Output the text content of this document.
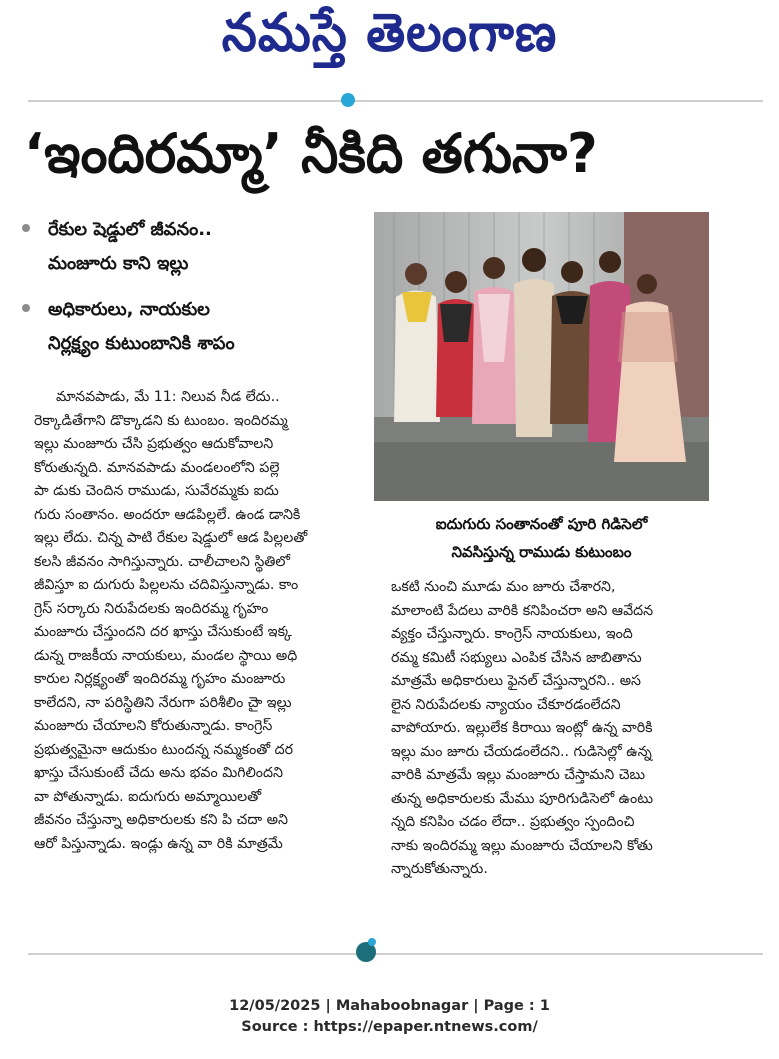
నమస్తే తెలంగాణ
‘ఇందిరమ్మా’ నీకిది తగునా?
రేకుల షెడ్డులో జీవనం..
మంజూరు కాని ఇల్లు
అధికారులు, నాయకుల
నిర్లక్ష్యం కుటుంబానికి శాపం
ఐదుగురు సంతానంతో పూరి గిడిసెలో
నివసిస్తున్న రాముడు కుటుంబం

మానవపాడు, మే 11: నిలువ నీడ లేదు..

రెక్కాడితేగాని డొక్కాడని కు టుంబం. ఇందిరమ్మ

ఇల్లు మంజూరు చేసి ప్రభుత్వం ఆదుకోవాలని

కోరుతున్నది. మానవపాడు మండలంలోని పల్లె

పా డుకు చెందిన రాముడు, సువేరమ్మకు ఐదు

గురు సంతానం. అందరూ ఆడపిల్లలే. ఉండ డానికి

ఇల్లు లేదు. చిన్న పాటి రేకుల షెడ్డులో ఆడ పిల్లలతో

కలసి జీవనం సాగిస్తున్నారు. చాలీచాలని స్థితిలో

జీవిస్తూ ఐ దుగురు పిల్లలను చదివిస్తున్నాడు. కాం

గ్రెస్ సర్కారు నిరుపేదలకు ఇందిరమ్మ గృహం

మంజూరు చేస్తుందని దర ఖాస్తు చేసుకుంటే ఇక్క

డున్న రాజకీయ నాయకులు, మండల స్థాయి అధి

కారుల నిర్లక్ష్యంతో ఇందిరమ్మ గృహం మంజూరు

కాలేదని, నా పరిస్థితిని నేరుగా పరిశీలిం చైా ఇల్లు

మంజూరు చేయాలని కోరుతున్నాడు. కాంగ్రెస్

ప్రభుత్వమైనా ఆదుకుం టుందన్న నమ్మకంతో దర

ఖాస్తు చేసుకుంటే చేదు అను భవం మిగిలిందని

వా పోతున్నాడు. ఐదుగురు అమ్మాయిలతో

జీవనం చేస్తున్నా అధికారులకు కని పి చదా అని

ఆరో పిస్తున్నాడు. ఇండ్లు ఉన్న వా రికి మాత్రమే

ఒకటి నుంచి మూడు మం జూరు చేశారని,

మాలాంటి పేదలు వారికి కనిపించరా అని ఆవేదన

వ్యక్తం చేస్తున్నారు. కాంగ్రెస్ నాయకులు, ఇంది

రమ్మ కమిటీ సభ్యులు ఎంపిక చేసిన జాబితాను

మాత్రమే అధికారులు ఫైనల్ చేస్తున్నారని.. అస

లైన నిరుపేదలకు న్యాయం చేకూరడంలేదని

వాపోయారు. ఇల్లులేక కిరాయి ఇంట్లో ఉన్న వారికి

ఇల్లు మం జూరు చేయడంలేదని.. గుడిసెల్లో ఉన్న

వారికి మాత్రమే ఇల్లు మంజూరు చేస్తామని చెబు

తున్న అధికారులకు మేము పూరిగుడిసెలో ఉంటు

న్నది కనిపిం చడం లేదా.. ప్రభుత్వం స్పందించి

నాకు ఇందిరమ్మ ఇల్లు మంజూరు చేయాలని కోతు

న్నారుకోతున్నారు.

12/05/2025 | Mahaboobnagar | Page : 1
Source : https://epaper.ntnews.com/
